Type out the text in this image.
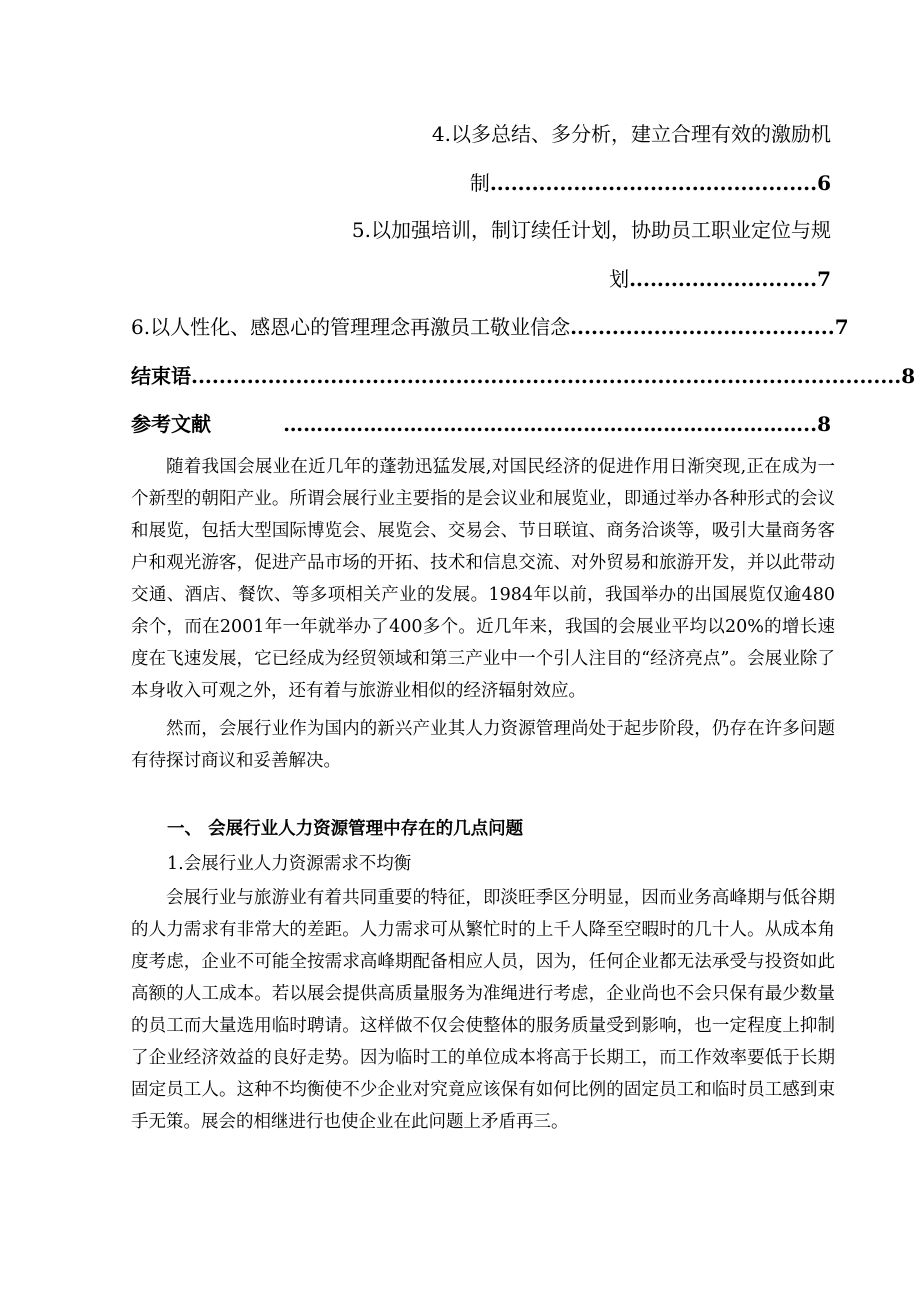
4.以多总结、多分析，建立合理有效的激励机
制...............................................6
5.以加强培训，制订续任计划，协助员工职业定位与规
划...........................7
6.以人性化、感恩心的管理理念再激员工敬业信念 ......................................7
结束语 ......................................................................................................8
参考文献	……………………………………………………………………..8

随着我国会展业在近几年的蓬勃迅猛发展,对国民经济的促进作用日渐突现,正在成为一个新型的朝阳产业。所谓会展行业主要指的是会议业和展览业，即通过举办各种形式的会议和展览，包括大型国际博览会、展览会、交易会、节日联谊、商务洽谈等，吸引大量商务客户和观光游客，促进产品市场的开拓、技术和信息交流、对外贸易和旅游开发，并以此带动交通、酒店、餐饮、等多项相关产业的发展。1984年以前，我国举办的出国展览仅逾480余个，而在2001年一年就举办了400多个。近几年来，我国的会展业平均以20%的增长速度在飞速发展，它已经成为经贸领域和第三产业中一个引人注目的“经济亮点”。会展业除了本身收入可观之外，还有着与旅游业相似的经济辐射效应。

然而，会展行业作为国内的新兴产业其人力资源管理尚处于起步阶段，仍存在许多问题有待探讨商议和妥善解决。

一、 会展行业人力资源管理中存在的几点问题
1.会展行业人力资源需求不均衡

会展行业与旅游业有着共同重要的特征，即淡旺季区分明显，因而业务高峰期与低谷期的人力需求有非常大的差距。人力需求可从繁忙时的上千人降至空暇时的几十人。从成本角度考虑，企业不可能全按需求高峰期配备相应人员，因为，任何企业都无法承受与投资如此高额的人工成本。若以展会提供高质量服务为准绳进行考虑，企业尚也不会只保有最少数量的员工而大量选用临时聘请。这样做不仅会使整体的服务质量受到影响，也一定程度上抑制了企业经济效益的良好走势。因为临时工的单位成本将高于长期工，而工作效率要低于长期固定员工人。这种不均衡使不少企业对究竟应该保有如何比例的固定员工和临时员工感到束手无策。展会的相继进行也使企业在此问题上矛盾再三。
